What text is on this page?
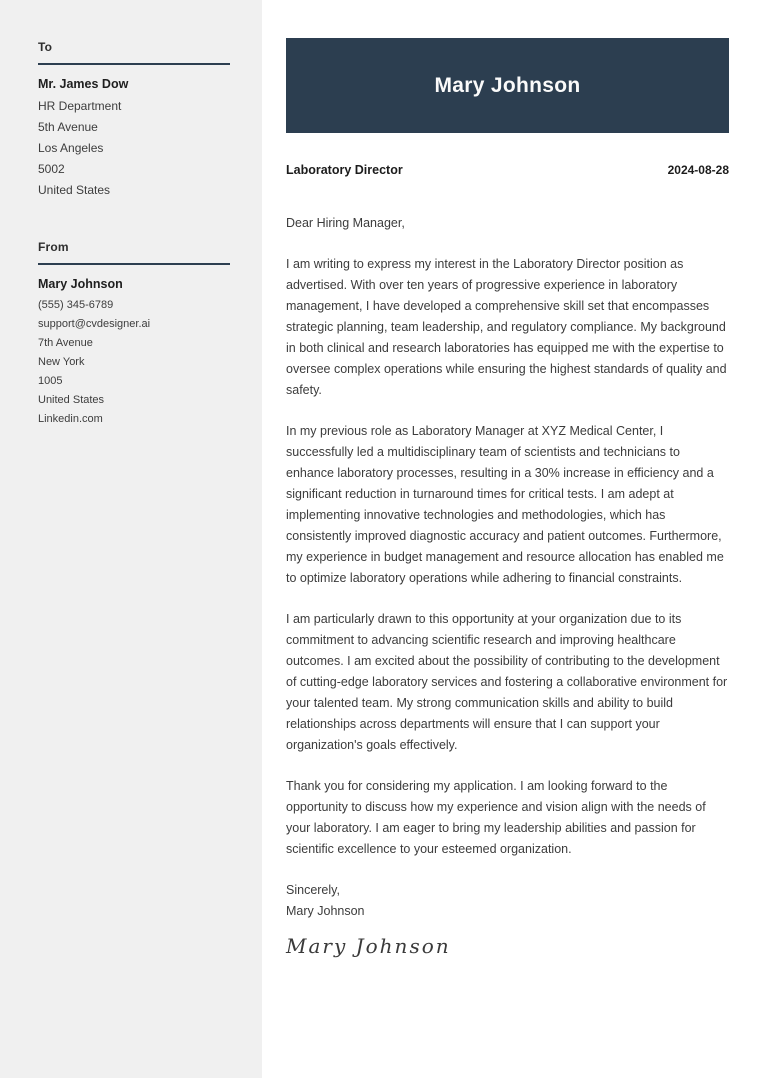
To
Mr. James Dow
HR Department
5th Avenue
Los Angeles
5002
United States
From
Mary Johnson
(555) 345-6789
support@cvdesigner.ai
7th Avenue
New York
1005
United States
Linkedin.com
Mary Johnson
Laboratory Director	2024-08-28

Dear Hiring Manager,

I am writing to express my interest in the Laboratory Director position as advertised. With over ten years of progressive experience in laboratory management, I have developed a comprehensive skill set that encompasses strategic planning, team leadership, and regulatory compliance. My background in both clinical and research laboratories has equipped me with the expertise to oversee complex operations while ensuring the highest standards of quality and safety.

In my previous role as Laboratory Manager at XYZ Medical Center, I successfully led a multidisciplinary team of scientists and technicians to enhance laboratory processes, resulting in a 30% increase in efficiency and a significant reduction in turnaround times for critical tests. I am adept at implementing innovative technologies and methodologies, which has consistently improved diagnostic accuracy and patient outcomes. Furthermore, my experience in budget management and resource allocation has enabled me to optimize laboratory operations while adhering to financial constraints.

I am particularly drawn to this opportunity at your organization due to its commitment to advancing scientific research and improving healthcare outcomes. I am excited about the possibility of contributing to the development of cutting-edge laboratory services and fostering a collaborative environment for your talented team. My strong communication skills and ability to build relationships across departments will ensure that I can support your organization's goals effectively.

Thank you for considering my application. I am looking forward to the opportunity to discuss how my experience and vision align with the needs of your laboratory. I am eager to bring my leadership abilities and passion for scientific excellence to your esteemed organization.

Sincerely,
Mary Johnson
Mary Johnson
